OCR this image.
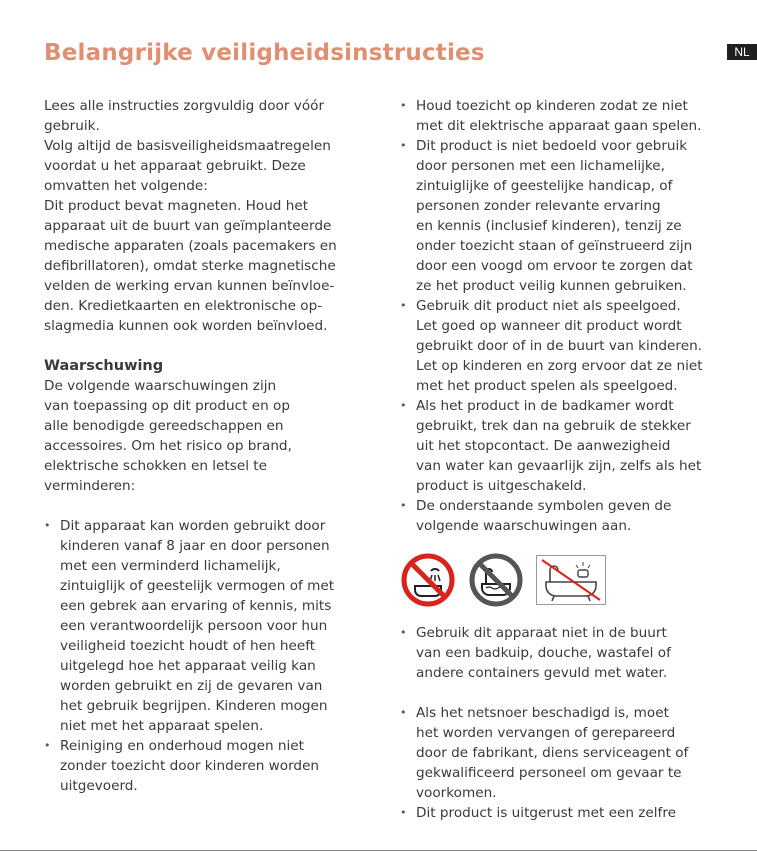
Belangrijke veiligheidsinstructies	NL
Lees alle instructies zorgvuldig door vóór
gebruik.
Volg altijd de basisveiligheidsmaatregelen
voordat u het apparaat gebruikt. Deze
omvatten het volgende:
Dit product bevat magneten. Houd het
apparaat uit de buurt van geïmplanteerde
medische apparaten (zoals pacemakers en
defibrillatoren), omdat sterke magnetische
velden de werking ervan kunnen beïnvloe-
den. Kredietkaarten en elektronische op-
slagmedia kunnen ook worden beïnvloed.
Waarschuwing
De volgende waarschuwingen zijn
van toepassing op dit product en op
alle benodigde gereedschappen en
accessoires. Om het risico op brand,
elektrische schokken en letsel te
verminderen:
• Dit apparaat kan worden gebruikt door
kinderen vanaf 8 jaar en door personen
met een verminderd lichamelijk,
zintuiglijk of geestelijk vermogen of met
een gebrek aan ervaring of kennis, mits
een verantwoordelijk persoon voor hun
veiligheid toezicht houdt of hen heeft
uitgelegd hoe het apparaat veilig kan
worden gebruikt en zij de gevaren van
het gebruik begrijpen. Kinderen mogen
niet met het apparaat spelen.
• Reiniging en onderhoud mogen niet
zonder toezicht door kinderen worden
uitgevoerd.
• Houd toezicht op kinderen zodat ze niet
met dit elektrische apparaat gaan spelen.
• Dit product is niet bedoeld voor gebruik
door personen met een lichamelijke,
zintuiglijke of geestelijke handicap, of
personen zonder relevante ervaring
en kennis (inclusief kinderen), tenzij ze
onder toezicht staan of geïnstrueerd zijn
door een voogd om ervoor te zorgen dat
ze het product veilig kunnen gebruiken.
• Gebruik dit product niet als speelgoed.
Let goed op wanneer dit product wordt
gebruikt door of in de buurt van kinderen.
Let op kinderen en zorg ervoor dat ze niet
met het product spelen als speelgoed.
• Als het product in de badkamer wordt
gebruikt, trek dan na gebruik de stekker
uit het stopcontact. De aanwezigheid
van water kan gevaarlijk zijn, zelfs als het
product is uitgeschakeld.
• De onderstaande symbolen geven de
volgende waarschuwingen aan.
• Gebruik dit apparaat niet in de buurt
van een badkuip, douche, wastafel of
andere containers gevuld met water.
• Als het netsnoer beschadigd is, moet
het worden vervangen of gerepareerd
door de fabrikant, diens serviceagent of
gekwalificeerd personeel om gevaar te
voorkomen.
• Dit product is uitgerust met een zelfre
